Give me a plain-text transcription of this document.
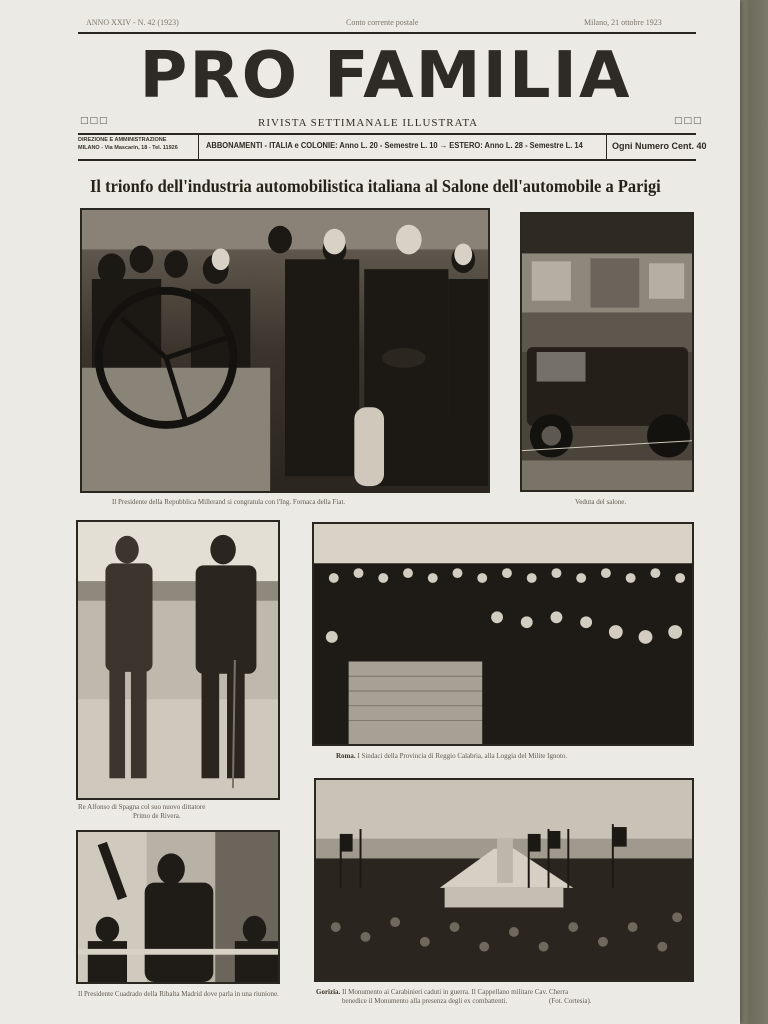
ANNO XXIV - N. 42 (1923)	Conto corrente postale	Milano, 21 ottobre 1923
PRO FAMILIA
□□□	RIVISTA SETTIMANALE ILLUSTRATA	□□□
DIREZIONE E AMMINISTRAZIONE
MILANO - Via Mascarin, 18 - Tel. 11926	ABBONAMENTI - ITALIA e COLONIE: Anno L. 20 - Semestre L. 10 → ESTERO: Anno L. 28 - Semestre L. 14	Ogni Numero Cent. 40
Il trionfo dell'industria automobilistica italiana al Salone dell'automobile a Parigi
Il Presidente della Repubblica Millerand si congratula con l'Ing. Fornaca della Fiat.	Veduta del salone.
Re Alfonso di Spagna col suo nuovo dittatore
Primo de Rivera.
Roma. I Sindaci della Provincia di Reggio Calabria, alla Loggia del Milite Ignoto.
Il Presidente Cuadrado della Ribalta Madrid dove parla in una riunione.	Gorizia. Il Monumento ai Carabinieri caduti in guerra. Il Cappellano militare Cav. Cherra
benedice il Monumento alla presenza degli ex combattenti.	(Fot. Cortesia).
